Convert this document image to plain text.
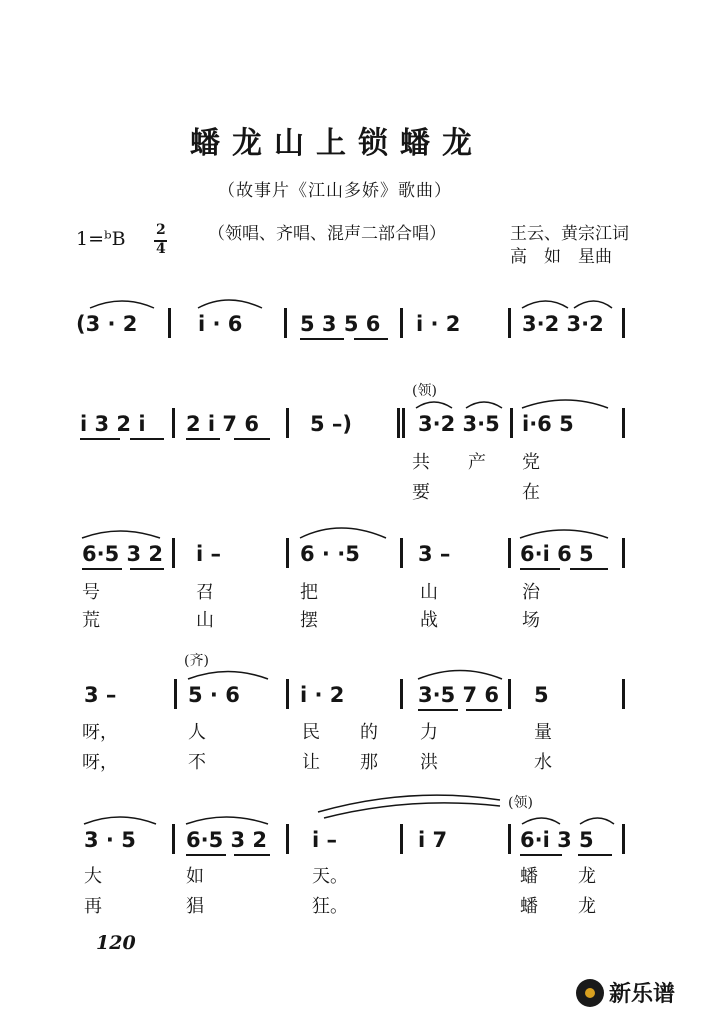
蟠龙山上锁蟠龙
（故事片《江山多娇》歌曲）
1=ᵇB 2
4
（领唱、齐唱、混声二部合唱）	王云、黄宗江词
高　如　星曲
(3 · 2	i · 6	5 3 5 6 i · 2	3·2 3·2
(领)
i 3 2 i 2 i 7 6 5 –)	3·2 3·5 i·6 5
共 产 党
要	在
6·5 3 2 i –	6 · ·5	3 –	6·i 6 5
号	召	把	山	治
荒	山	摆	战	场
(齐)
3 –	5 · 6	i · 2	3·5 7 6 5
呀，	人	民 的 力	量
呀，	不	让 那 洪	水
(领)
3 · 5 6·5 3 2 i –	i 7	6·i 3 5
大	如	天。	蟠 龙
再	猖	狂。	蟠 龙
120
新乐谱
